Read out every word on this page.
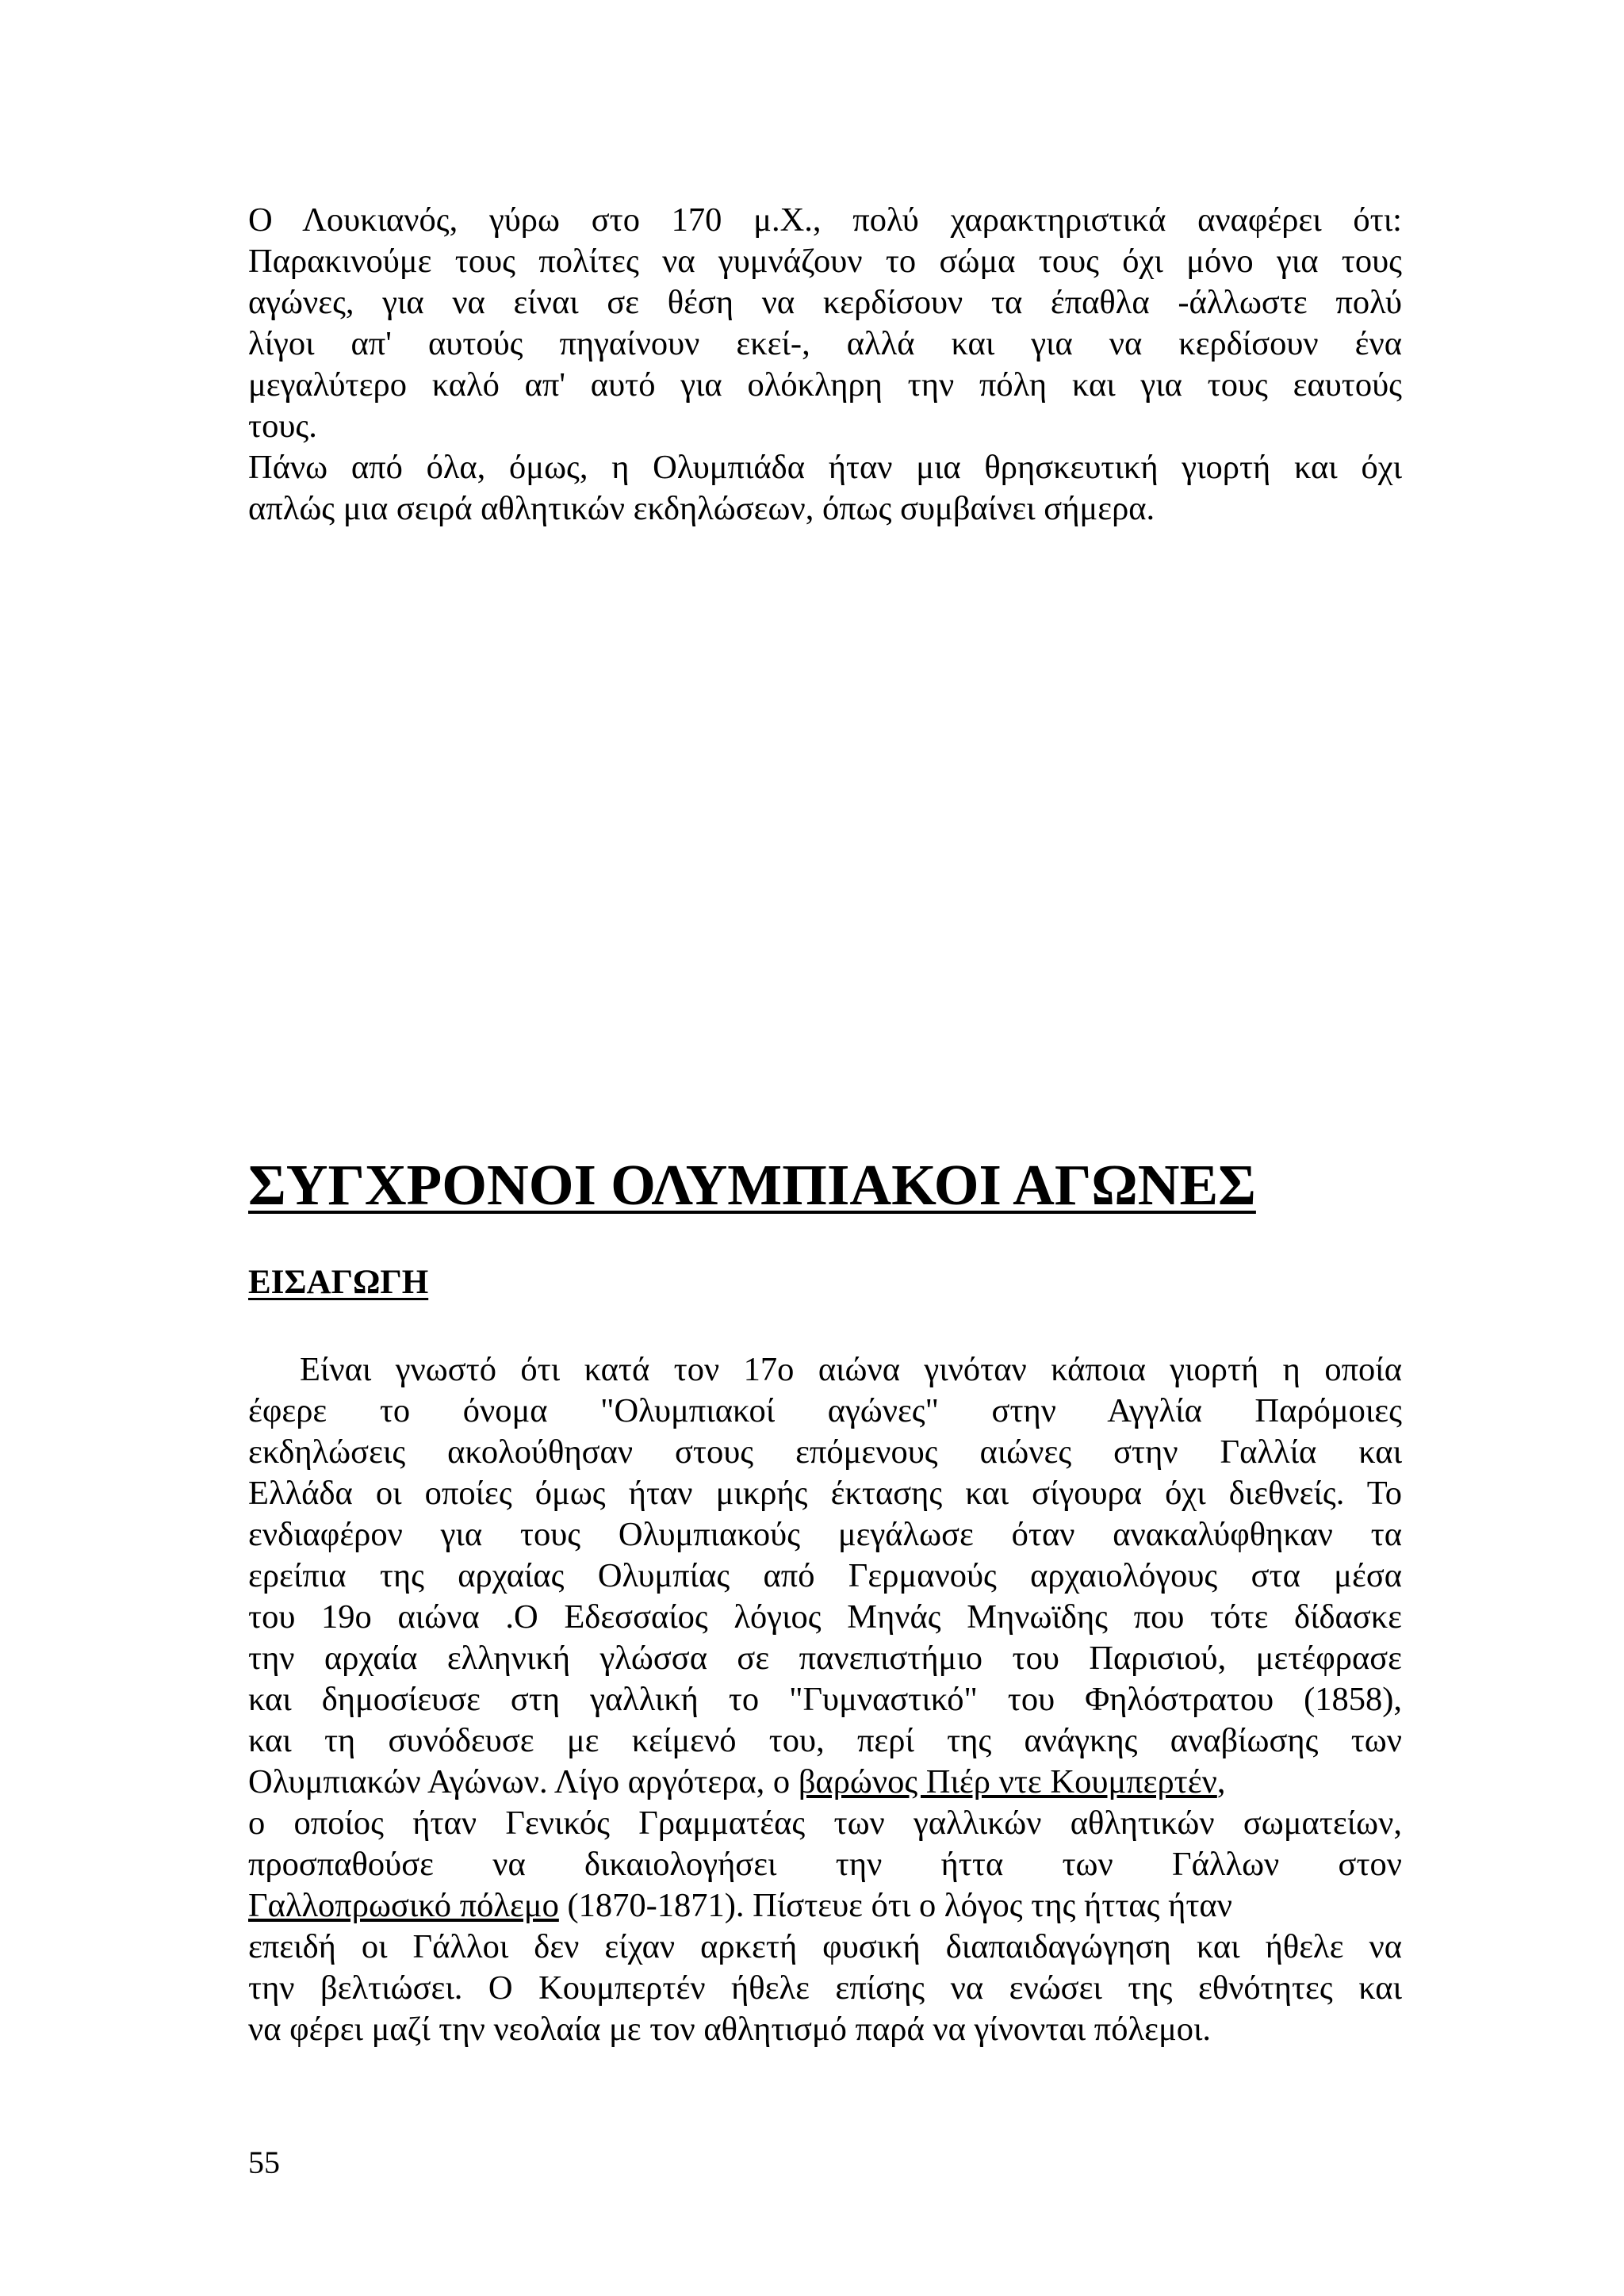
Ο Λουκιανός, γύρω στο 170 μ.Χ., πολύ χαρακτηριστικά αναφέρει ότι:
Παρακινούμε τους πολίτες να γυμνάζουν το σώμα τους όχι μόνο για τους
αγώνες, για να είναι σε θέση να κερδίσουν τα έπαθλα -άλλωστε πολύ
λίγοι απ' αυτούς πηγαίνουν εκεί-, αλλά και για να κερδίσουν ένα
μεγαλύτερο καλό απ' αυτό για ολόκληρη την πόλη και για τους εαυτούς
τους.
Πάνω από όλα, όμως, η Ολυμπιάδα ήταν μια θρησκευτική γιορτή και όχι
απλώς μια σειρά αθλητικών εκδηλώσεων, όπως συμβαίνει σήμερα.
ΣΥΓΧΡΟΝΟΙ ΟΛΥΜΠΙΑΚΟΙ ΑΓΩΝΕΣ
ΕΙΣΑΓΩΓΗ
Είναι γνωστό ότι κατά τον 17ο αιώνα γινόταν κάποια γιορτή η οποία
έφερε το όνομα "Ολυμπιακοί αγώνες" στην Αγγλία Παρόμοιες
εκδηλώσεις ακολούθησαν στους επόμενους αιώνες στην Γαλλία και
Ελλάδα οι οποίες όμως ήταν μικρής έκτασης και σίγουρα όχι διεθνείς. Το
ενδιαφέρον για τους Ολυμπιακούς μεγάλωσε όταν ανακαλύφθηκαν τα
ερείπια της αρχαίας Ολυμπίας από Γερμανούς αρχαιολόγους στα μέσα
του 19ο αιώνα .Ο Εδεσσαίος λόγιος Μηνάς Μηνωϊδης που τότε δίδασκε
την αρχαία ελληνική γλώσσα σε πανεπιστήμιο του Παρισιού, μετέφρασε
και δημοσίευσε στη γαλλική το "Γυμναστικό" του Φηλόστρατου (1858),
και τη συνόδευσε με κείμενό του, περί της ανάγκης αναβίωσης των
Ολυμπιακών Αγώνων. Λίγο αργότερα, ο βαρώνος Πιέρ ντε Κουμπερτέν,
ο οποίος ήταν Γενικός Γραμματέας των γαλλικών αθλητικών σωματείων,
προσπαθούσε να δικαιολογήσει την ήττα των Γάλλων στον
Γαλλοπρωσικό πόλεμο (1870-1871). Πίστευε ότι ο λόγος της ήττας ήταν
επειδή οι Γάλλοι δεν είχαν αρκετή φυσική διαπαιδαγώγηση και ήθελε να
την βελτιώσει. Ο Κουμπερτέν ήθελε επίσης να ενώσει της εθνότητες και
να φέρει μαζί την νεολαία με τον αθλητισμό παρά να γίνονται πόλεμοι.
55
